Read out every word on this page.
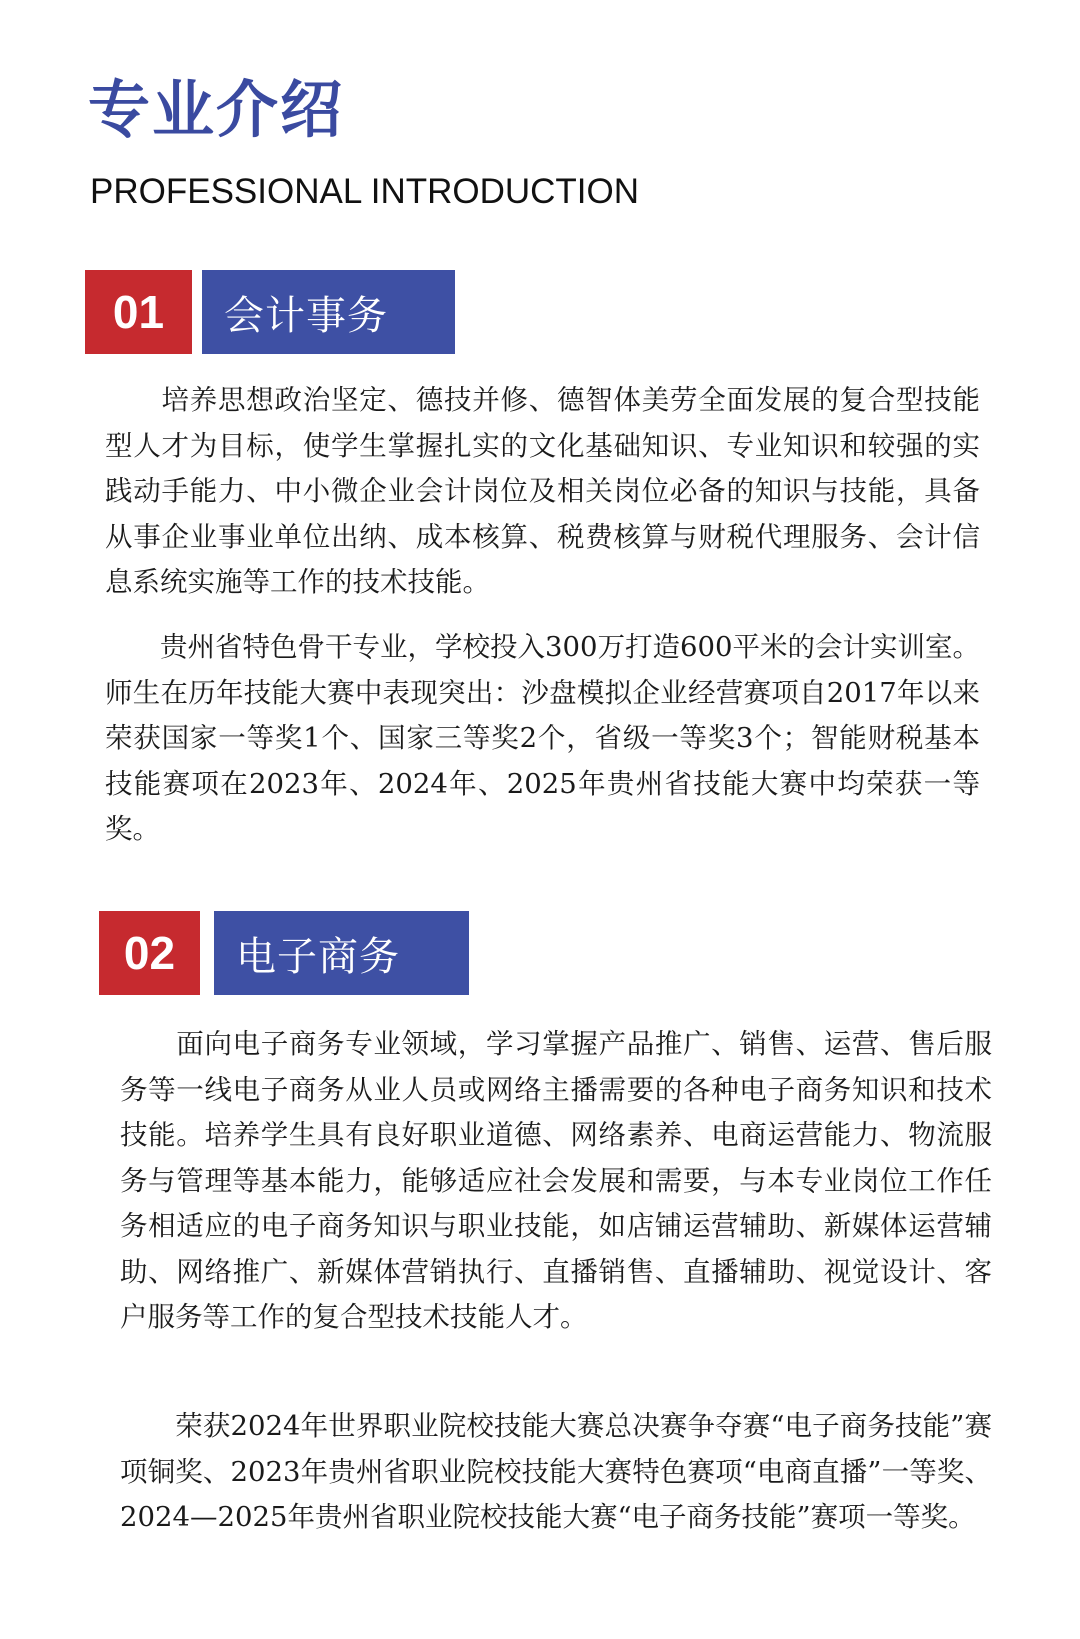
专业介绍
PROFESSIONAL INTRODUCTION
01	会计事务

　　培养思想政治坚定、德技并修、德智体美劳全面发展的复合型技能型人才为目标，使学生掌握扎实的文化基础知识、专业知识和较强的实践动手能力、中小微企业会计岗位及相关岗位必备的知识与技能，具备从事企业事业单位出纳、成本核算、税费核算与财税代理服务、会计信息系统实施等工作的技术技能。

　　贵州省特色骨干专业，学校投入300万打造600平米的会计实训室。师生在历年技能大赛中表现突出：沙盘模拟企业经营赛项自2017年以来荣获国家一等奖1个、国家三等奖2个，省级一等奖3个；智能财税基本技能赛项在2023年、2024年、2025年贵州省技能大赛中均荣获一等奖。

02	电子商务

　　面向电子商务专业领域，学习掌握产品推广、销售、运营、售后服务等一线电子商务从业人员或网络主播需要的各种电子商务知识和技术技能。培养学生具有良好职业道德、网络素养、电商运营能力、物流服务与管理等基本能力，能够适应社会发展和需要，与本专业岗位工作任务相适应的电子商务知识与职业技能，如店铺运营辅助、新媒体运营辅助、网络推广、新媒体营销执行、直播销售、直播辅助、视觉设计、客户服务等工作的复合型技术技能人才。

　　荣获2024年世界职业院校技能大赛总决赛争夺赛“电子商务技能”赛项铜奖、2023年贵州省职业院校技能大赛特色赛项“电商直播”一等奖、2024—2025年贵州省职业院校技能大赛“电子商务技能”赛项一等奖。
